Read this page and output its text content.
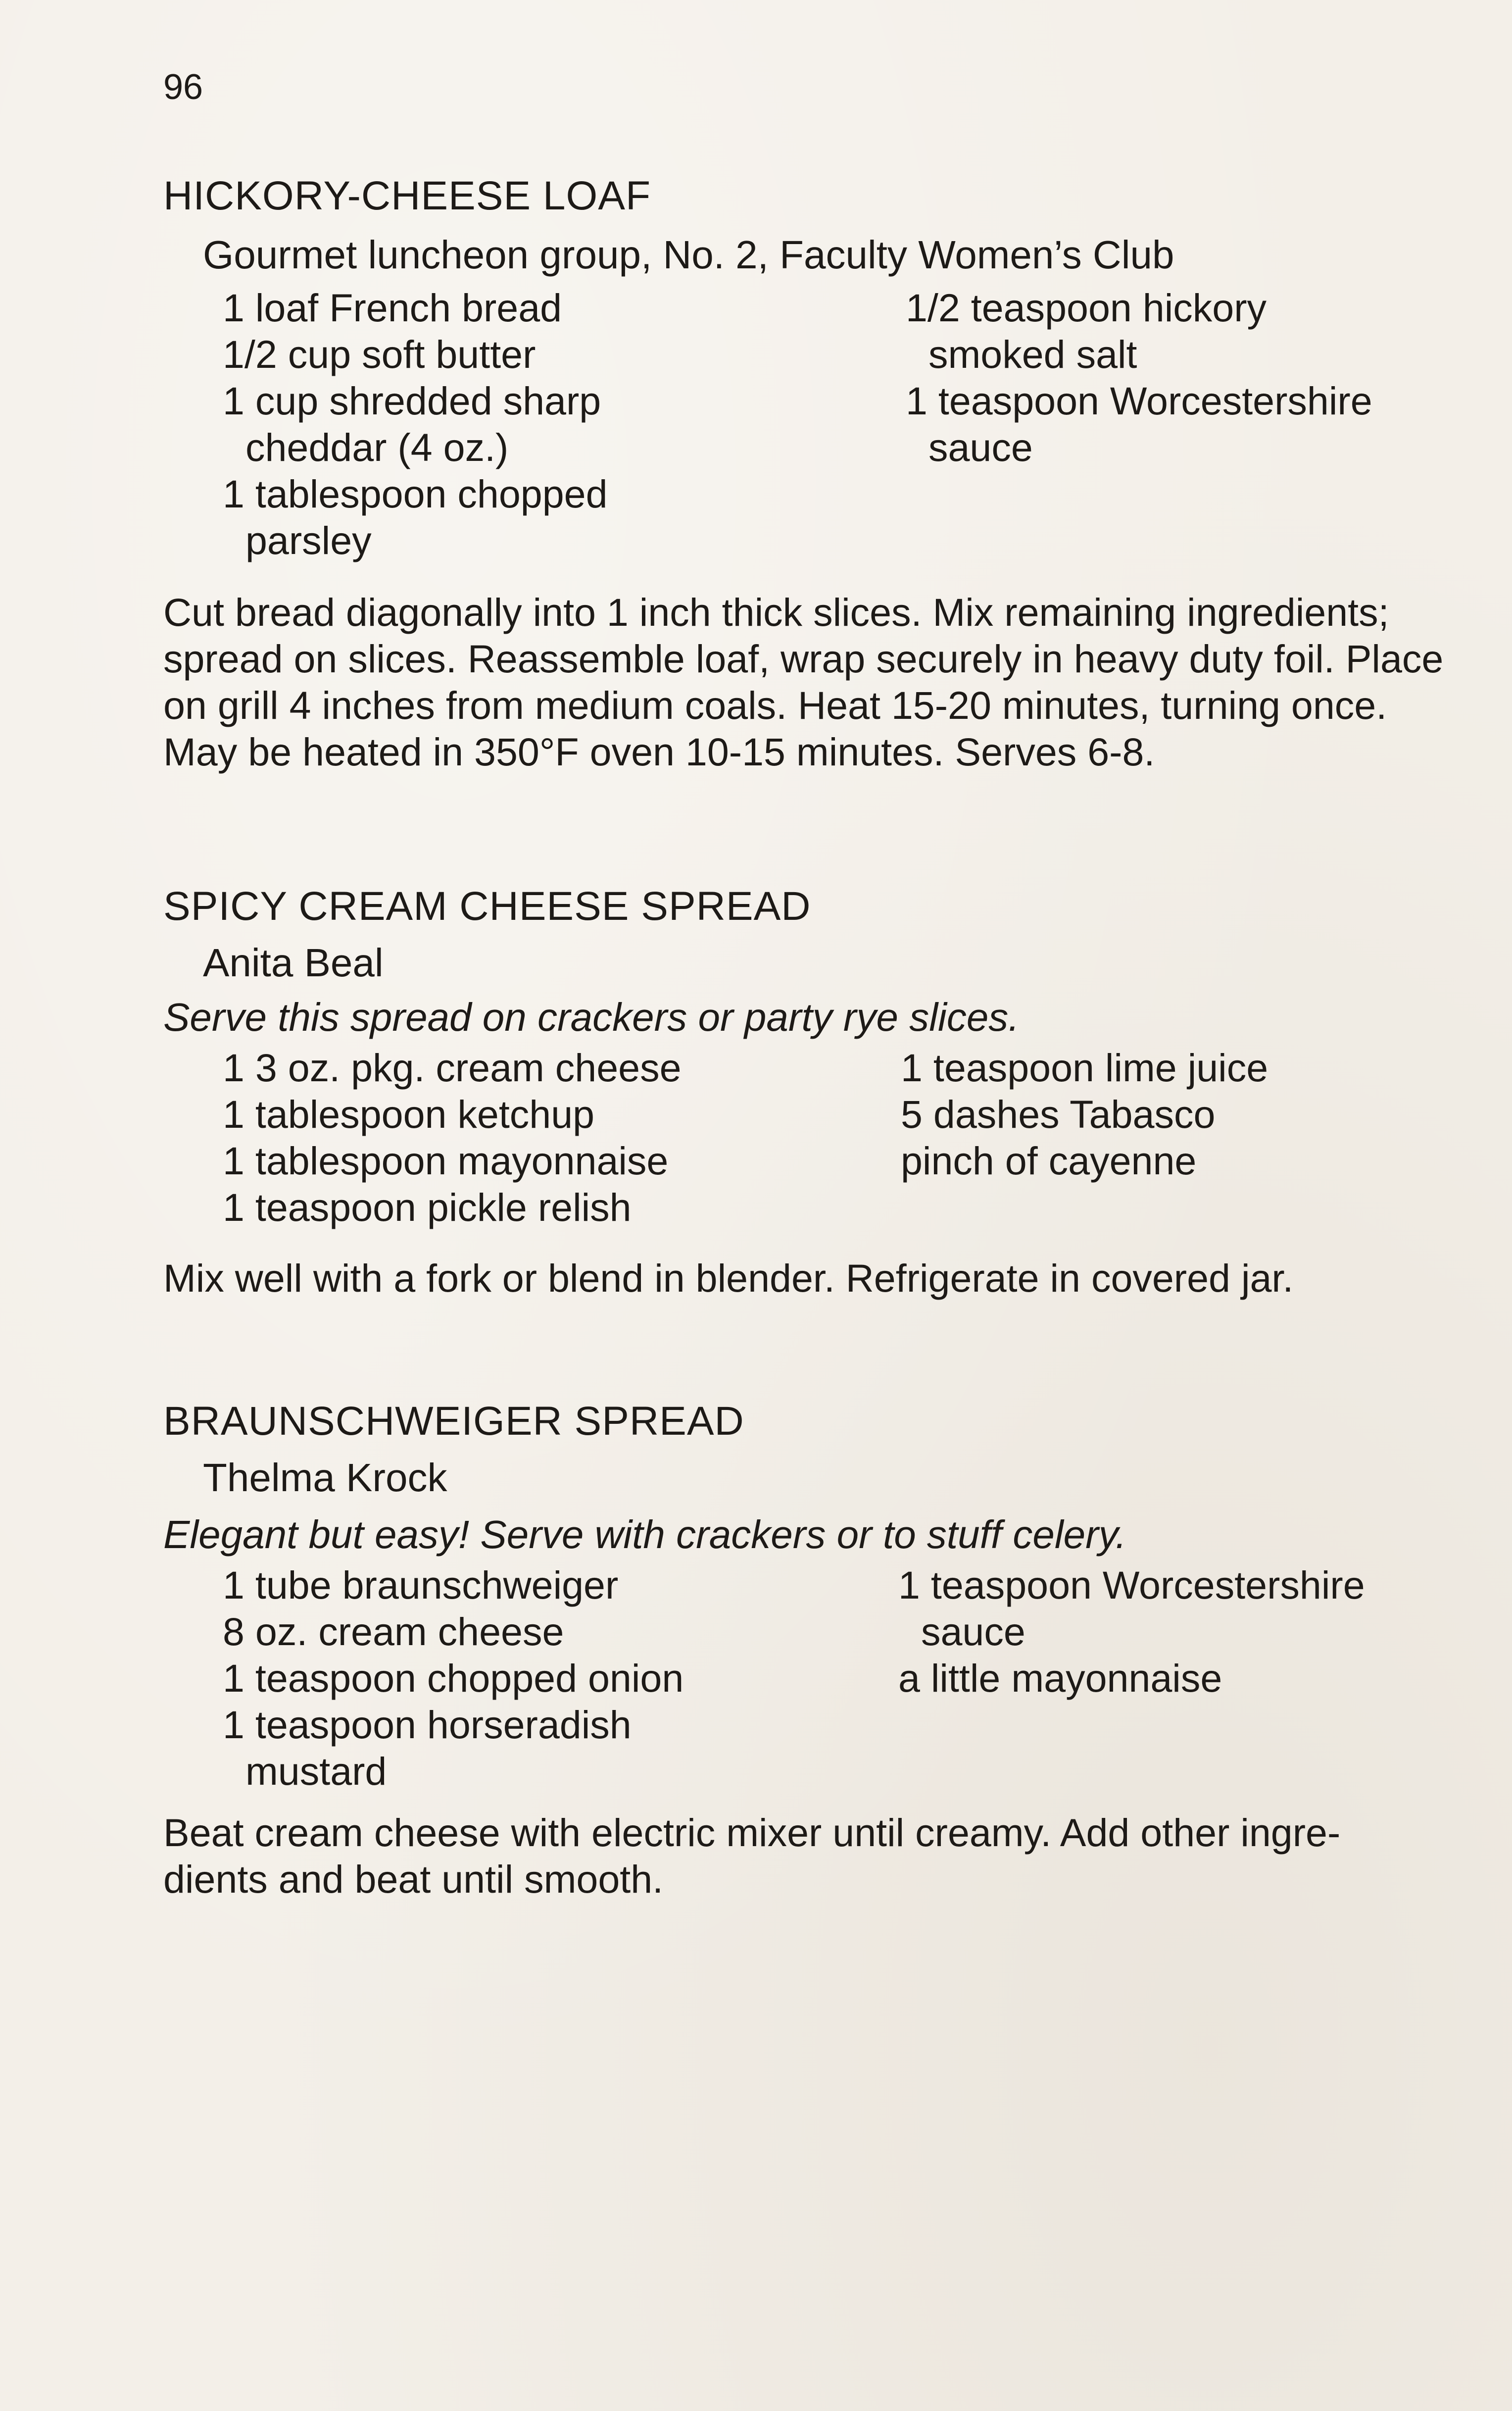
96
HICKORY-CHEESE LOAF
Gourmet luncheon group, No. 2, Faculty Women’s Club
1 loaf French bread
1/2 cup soft butter
1 cup shredded sharp
cheddar (4 oz.)
1 tablespoon chopped
parsley
1/2 teaspoon hickory
smoked salt
1 teaspoon Worcestershire
sauce
Cut bread diagonally into 1 inch thick slices. Mix remaining ingredients;
spread on slices. Reassemble loaf, wrap securely in heavy duty foil. Place
on grill 4 inches from medium coals. Heat 15-20 minutes, turning once.
May be heated in 350°F oven 10-15 minutes. Serves 6-8.
SPICY CREAM CHEESE SPREAD
Anita Beal
Serve this spread on crackers or party rye slices.
1 3 oz. pkg. cream cheese
1 tablespoon ketchup
1 tablespoon mayonnaise
1 teaspoon pickle relish
1 teaspoon lime juice
5 dashes Tabasco
pinch of cayenne
Mix well with a fork or blend in blender. Refrigerate in covered jar.
BRAUNSCHWEIGER SPREAD
Thelma Krock
Elegant but easy! Serve with crackers or to stuff celery.
1 tube braunschweiger
8 oz. cream cheese
1 teaspoon chopped onion
1 teaspoon horseradish
mustard
1 teaspoon Worcestershire
sauce
a little mayonnaise
Beat cream cheese with electric mixer until creamy. Add other ingre-
dients and beat until smooth.
